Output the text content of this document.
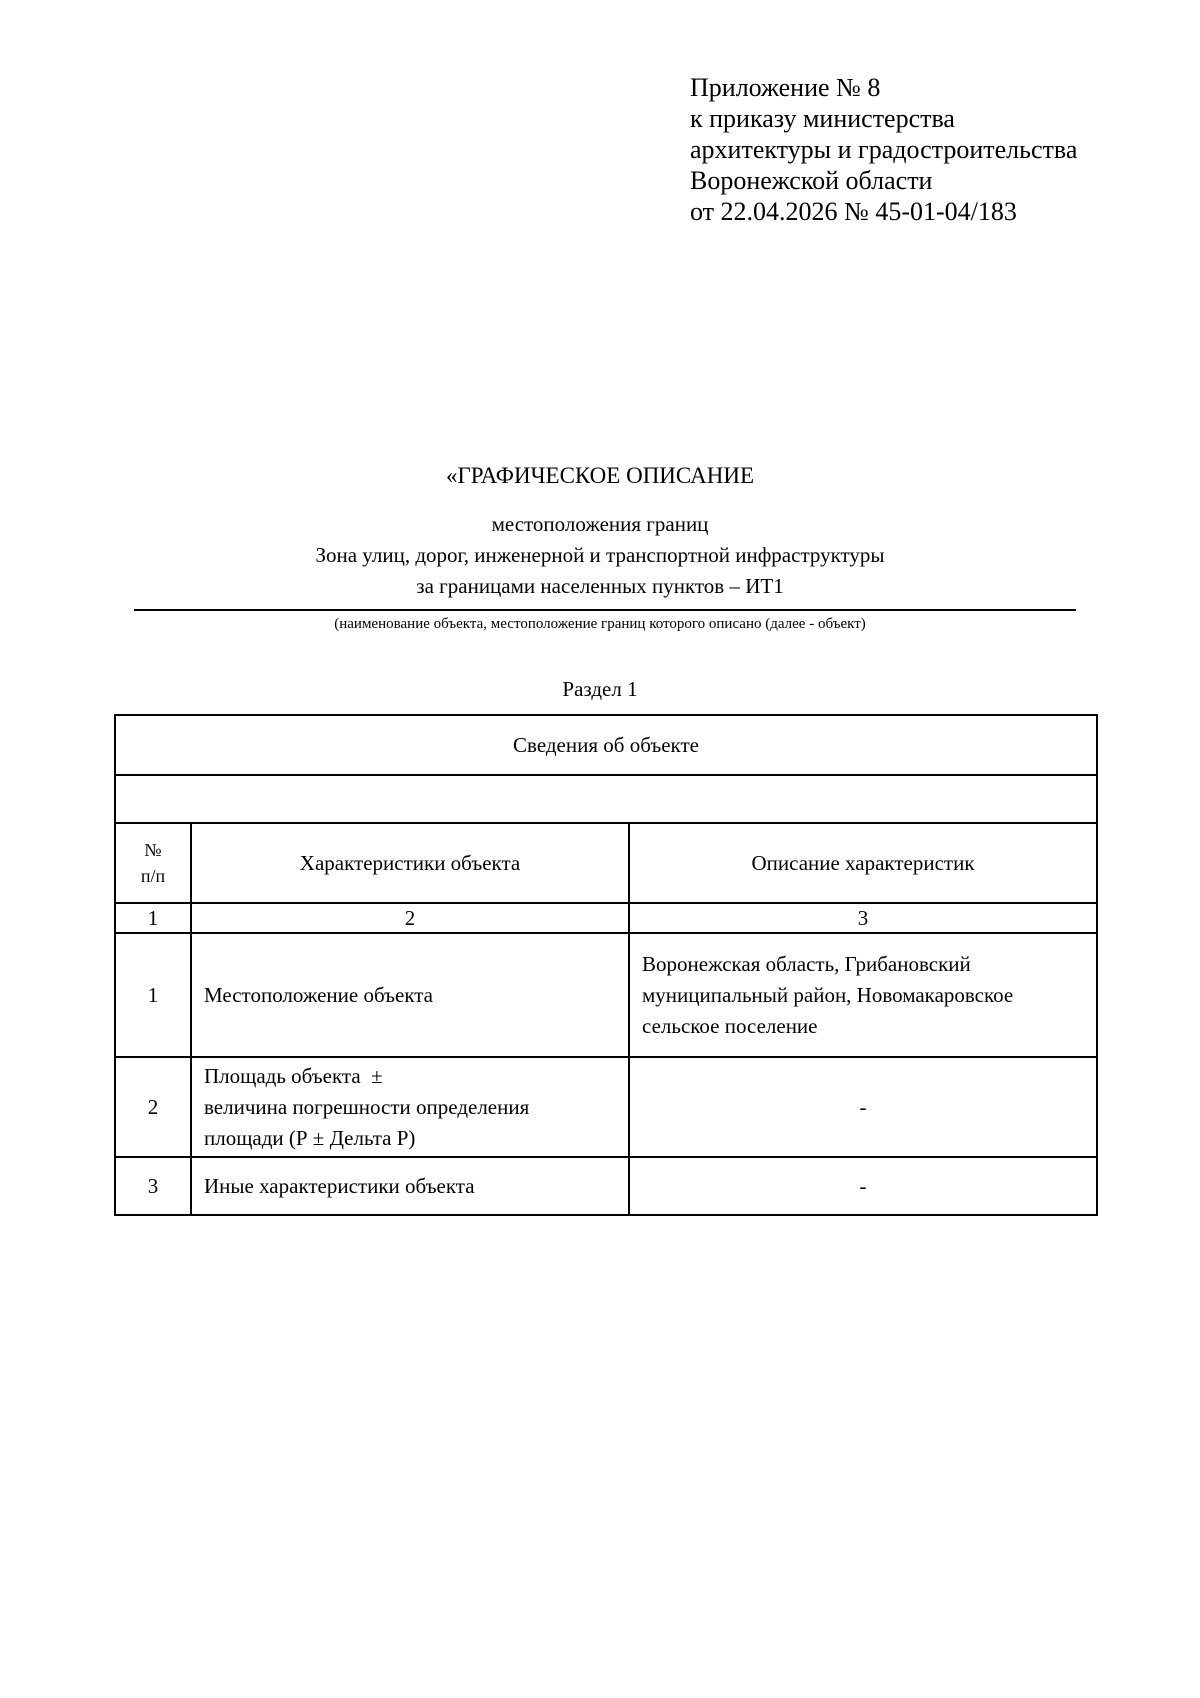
Приложение № 8
к приказу министерства
архитектуры и градостроительства
Воронежской области
от 22.04.2026 № 45-01-04/183
«ГРАФИЧЕСКОЕ ОПИСАНИЕ
местоположения границ
Зона улиц, дорог, инженерной и транспортной инфраструктуры
за границами населенных пунктов – ИТ1
(наименование объекта, местоположение границ которого описано (далее - объект)
Раздел 1
Сведения об объекте		

№
п/п	Характеристики объекта	Описание характеристик
1	2	3
1	Местоположение объекта	Воронежская область, Грибановский
муниципальный район, Новомакаровское
сельское поселение

2	Площадь объекта  ±
величина погрешности определения
площади (Р ± Дельта Р)	-
3	Иные характеристики объекта	-
